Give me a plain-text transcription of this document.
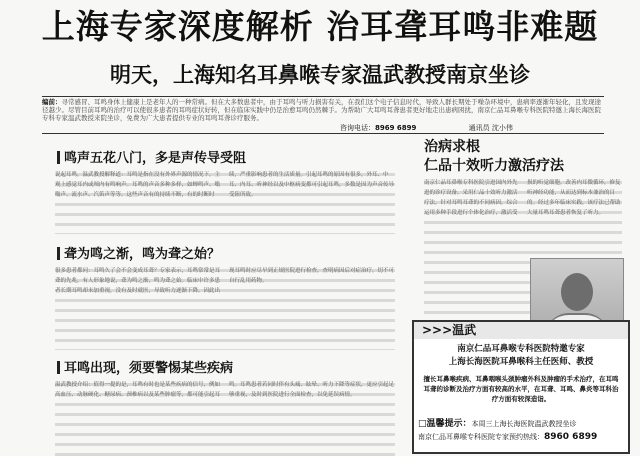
上海专家深度解析 治耳聋耳鸣非难题
明天，上海知名耳鼻喉专家温武教授南京坐诊
编前：寻常感冒、耳鸣身体上健康上是老年人的一种常病。但在大多数患者中，由于耳鸣与听力损害有关，在我们这个电子信息时代，导致人群长期处于噪杂环境中，患病率逐渐年轻化，且发现途径越少。尽管目前耳鸣的治疗可以使很多患者的耳鸣症状好转，但在临床实践中仍是治愈耳鸣仍然棘手。为帮助广大耳鸣耳聋患者更好地走出患病困扰，南京仁品耳鼻喉专科医院特邀上海长海医院专科专家温武教授来院坐诊，免费为广大患者提供专业的耳鸣耳聋诊疗服务。
咨询电话：8969 6899	通讯员 沈小伟
鸣声五花八门，多是声传导受阻
说起耳鸣，温武教授解释道：耳鸣是指在没有外界声源的情况下，主观上感觉耳内或颅内有鸣响声。耳鸣的声音多种多样，如蝉鸣声、嗡嗡声、流水声、汽笛声等等。这些声音有的持续不断，有的时断时续，严重影响患者的生活质量。引起耳鸣的原因有很多，外耳、中耳、内耳、听神经以及中枢病变都可引起耳鸣，多数是因为声音传导受阻所致。
聋为鸣之渐，鸣为聋之始？
很多患者都问：耳鸣久了会不会变成耳聋？专家表示，耳鸣常常是耳聋的先兆，有人形象地说，聋为鸣之渐，鸣为聋之始。临床中许多患者长期耳鸣却未加重视，没有及时就医，导致听力逐渐下降。因此出现耳鸣时应尽早到正规医院进行检查，查明病因后对症治疗，切不可自行乱用药物。
耳鸣出现，须要警惕某些疾病
温武教授介绍：值得一提的是，耳鸣有时也是某些疾病的信号，例如高血压、动脉硬化、糖尿病、颈椎病以及某些肿瘤等，都可能引起耳鸣。耳鸣患者若同时伴有头痛、眩晕、听力下降等症状，更应引起足够重视，及时到医院进行全面检查，以免延误病情。
治病求根
仁品十效听力激活疗法
南京仁品耳鼻喉专科医院引进国内外先进的诊疗设备，采用仁品十效听力激活疗法，针对耳鸣耳聋的不同病因，综合运用多种手段进行个体化治疗，激活受损的听觉细胞，改善内耳微循环，修复听神经功能，从而达到标本兼治的目的。经过多年临床实践，该疗法已帮助大量耳鸣耳聋患者恢复了听力。
>>>温武
南京仁品耳鼻喉专科医院特邀专家
上海长海医院耳鼻喉科主任医师、教授
擅长耳鼻喉疾病、耳鼻咽喉头颈肿瘤外科及肿瘤的手术治疗，在耳鸣耳聋的诊断及治疗方面有较高的水平，在耳聋、耳鸣、鼻炎等耳科治疗方面有较深造诣。
□温馨提示：本周三上海长海医院温武教授坐诊
南京仁品耳鼻喉专科医院专家预约热线：8960 6899
